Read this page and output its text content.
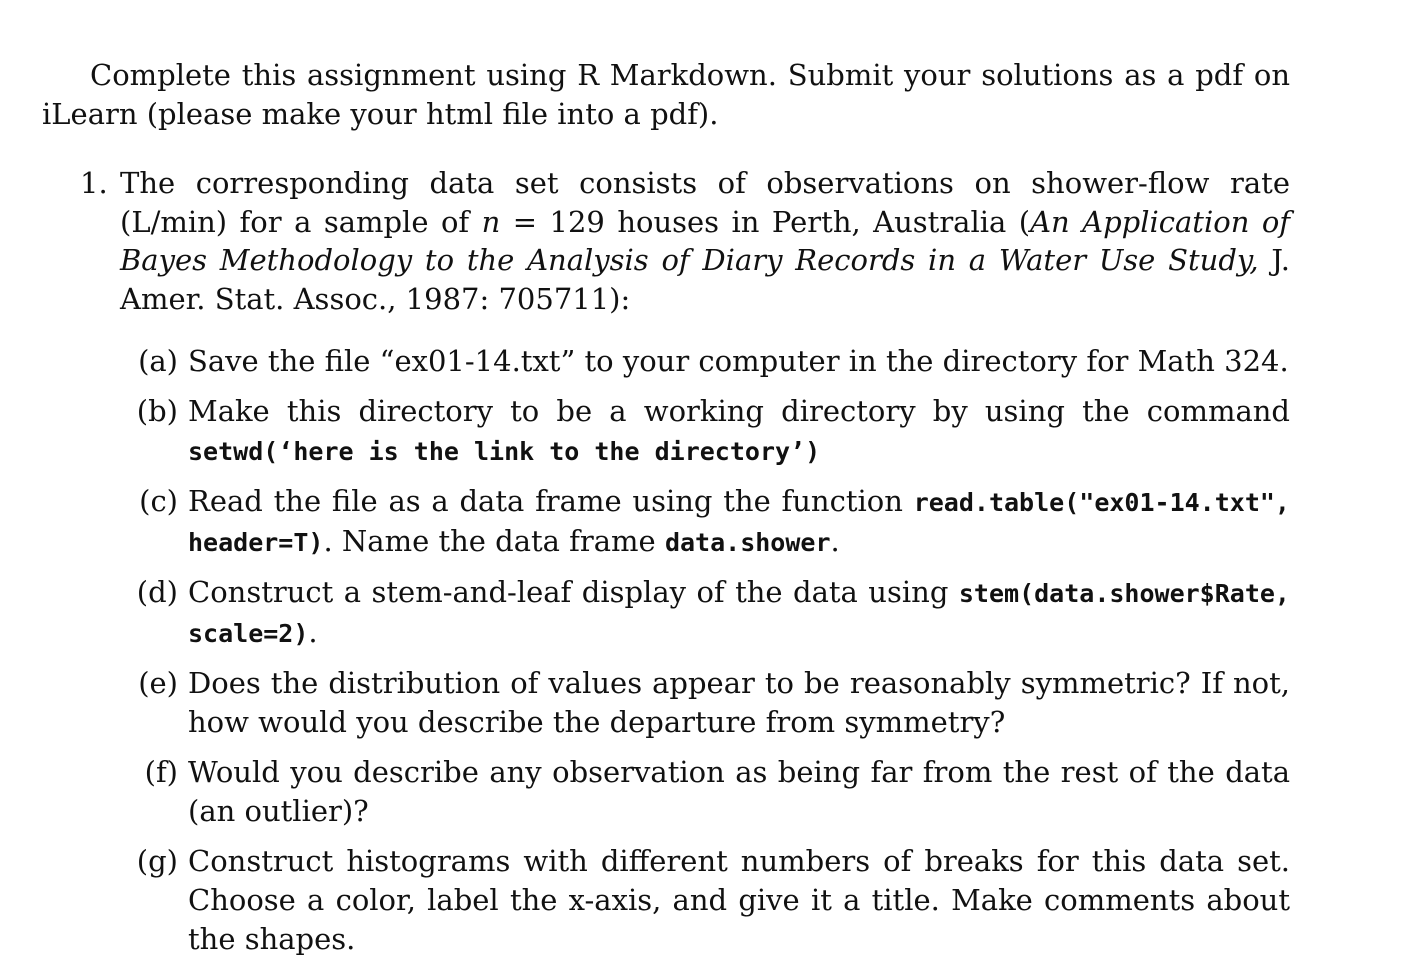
Complete this assignment using R Markdown. Submit your solutions as a pdf on iLearn (please make your html file into a pdf).

1. The corresponding data set consists of observations on shower-flow rate (L/min) for a sample of n = 129 houses in Perth, Australia (An Application of Bayes Methodology to the Analysis of Diary Records in a Water Use Study, J. Amer. Stat. Assoc., 1987: 705711):
(a) Save the file “ex01-14.txt” to your computer in the directory for Math 324.
(b) Make this directory to be a working directory by using the command setwd(‘here is the link to the directory’)
(c) Read the file as a data frame using the function read.table("ex01-14.txt", header=T). Name the data frame data.shower.
(d) Construct a stem-and-leaf display of the data using stem(data.shower$Rate, scale=2).
(e) Does the distribution of values appear to be reasonably symmetric? If not, how would you describe the departure from symmetry?
(f) Would you describe any observation as being far from the rest of the data (an outlier)?
(g) Construct histograms with different numbers of breaks for this data set. Choose a color, label the x-axis, and give it a title. Make comments about the shapes.
